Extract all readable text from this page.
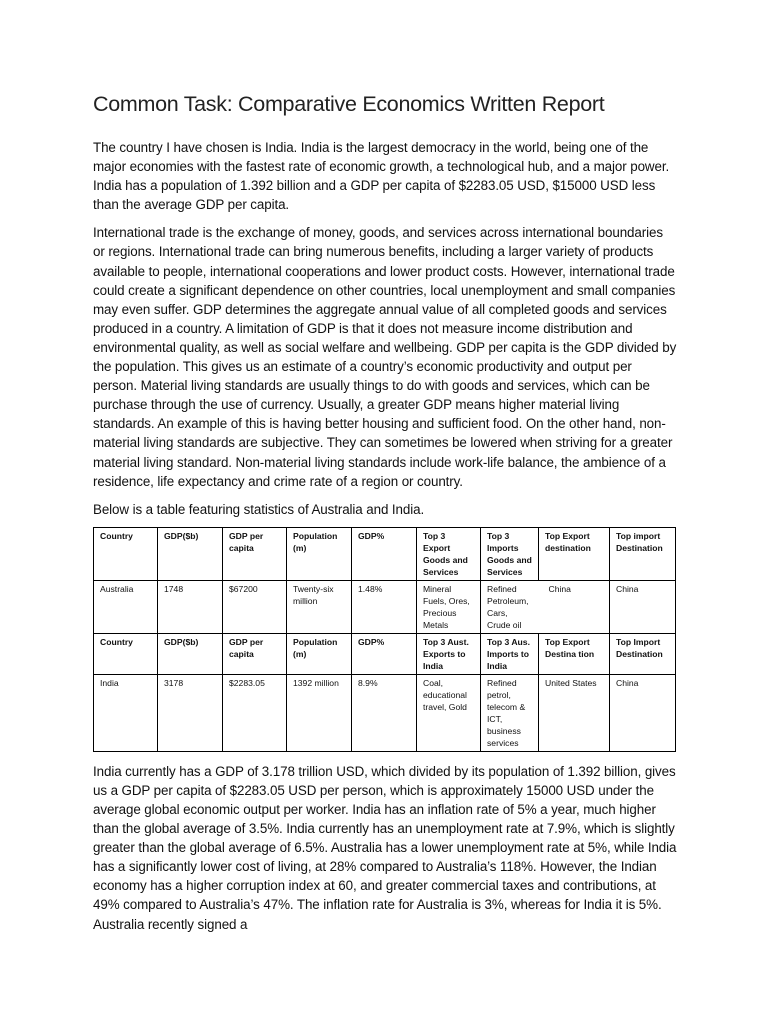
Common Task: Comparative Economics Written Report

The country I have chosen is India. India is the largest democracy in the world, being one of the major economies with the fastest rate of economic growth, a technological hub, and a major power. India has a population of 1.392 billion and a GDP per capita of $2283.05 USD, $15000 USD less than the average GDP per capita.

International trade is the exchange of money, goods, and services across international boundaries or regions. International trade can bring numerous benefits, including a larger variety of products available to people, international cooperations and lower product costs. However, international trade could create a significant dependence on other countries, local unemployment and small companies may even suffer. GDP determines the aggregate annual value of all completed goods and services produced in a country. A limitation of GDP is that it does not measure income distribution and environmental quality, as well as social welfare and wellbeing. GDP per capita is the GDP divided by the population. This gives us an estimate of a country’s economic productivity and output per person. Material living standards are usually things to do with goods and services, which can be purchase through the use of currency. Usually, a greater GDP means higher material living standards. An example of this is having better housing and sufficient food. On the other hand, non-material living standards are subjective. They can sometimes be lowered when striving for a greater material living standard. Non-material living standards include work-life balance, the ambience of a residence, life expectancy and crime rate of a region or country.

Below is a table featuring statistics of Australia and India.

Country	GDP($b)	GDP per capita	Population (m)	GDP%	Top 3 Export Goods and Services	Top 3 Imports Goods and Services	Top Export destination	Top import Destination
Australia	1748	$67200	Twenty-six million	1.48%	Mineral Fuels, Ores, Precious Metals	Refined Petroleum, Cars, Crude oil	China	China
Country	GDP($b)	GDP per capita	Population (m)	GDP%	Top 3 Aust. Exports to India	Top 3 Aus. Imports to India	Top Export Destina tion	Top Import Destination
India	3178	$2283.05	1392 million	8.9%	Coal, educational travel, Gold	Refined petrol, telecom & ICT, business services	United States	China

India currently has a GDP of 3.178 trillion USD, which divided by its population of 1.392 billion, gives us a GDP per capita of $2283.05 USD per person, which is approximately 15000 USD under the average global economic output per worker. India has an inflation rate of 5% a year, much higher than the global average of 3.5%. India currently has an unemployment rate at 7.9%, which is slightly greater than the global average of 6.5%. Australia has a lower unemployment rate at 5%, while India has a significantly lower cost of living, at 28% compared to Australia’s 118%. However, the Indian economy has a higher corruption index at 60, and greater commercial taxes and contributions, at 49% compared to Australia’s 47%. The inflation rate for Australia is 3%, whereas for India it is 5%. Australia recently signed a
